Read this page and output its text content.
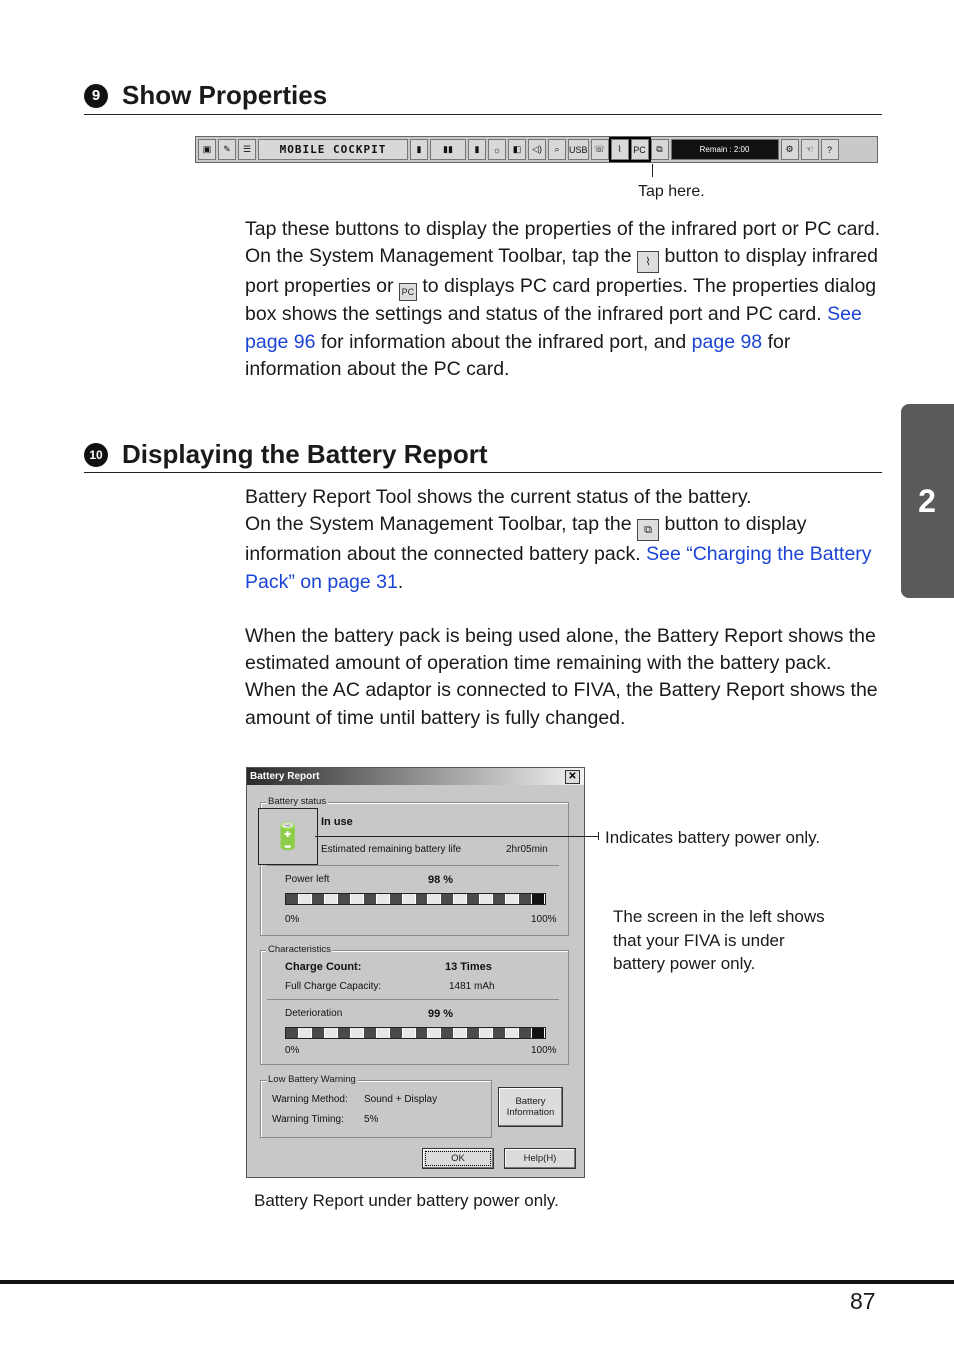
2
9 Show Properties
▣	✎	☰	MOBILE COCKPIT	▮	▮▮	▮	☼	◧	◁)	⌕	USB ☏	⌇	PC	⧉	Remain : 2:00	⚙	☜	?
Tap here.

Tap these buttons to display the properties of the infrared port or PC card.

On the System Management Toolbar, tap the ⌇ button to display infrared port properties or PC to displays PC card properties. The properties dialog box shows the settings and status of the infrared port and PC card. See page 96 for information about the infrared port, and page 98 for information about the PC card.

10 Displaying the Battery Report

Battery Report Tool shows the current status of the battery.

On the System Management Toolbar, tap the ⧉ button to display information about the connected battery pack. See “Charging the Battery Pack” on page 31.

When the battery pack is being used alone, the Battery Report shows the estimated amount of operation time remaining with the battery pack.

When the AC adaptor is connected to FIVA, the Battery Report shows the amount of time until battery is fully changed.

Battery Report	✕
Battery status
🔋	In use
Estimated remaining battery life	2hr05min
Power left	98 %
0%	100%
Characteristics
Charge Count:	13 Times
Full Charge Capacity:	1481 mAh
Deterioration	99 %
0%	100%
Low Battery Warning
Warning Method: Sound + Display
Warning Timing: 5%
Battery Information
OK	Help(H)
Indicates battery power only.
The screen in the left shows that your FIVA is under battery power only.
Battery Report under battery power only.
87
